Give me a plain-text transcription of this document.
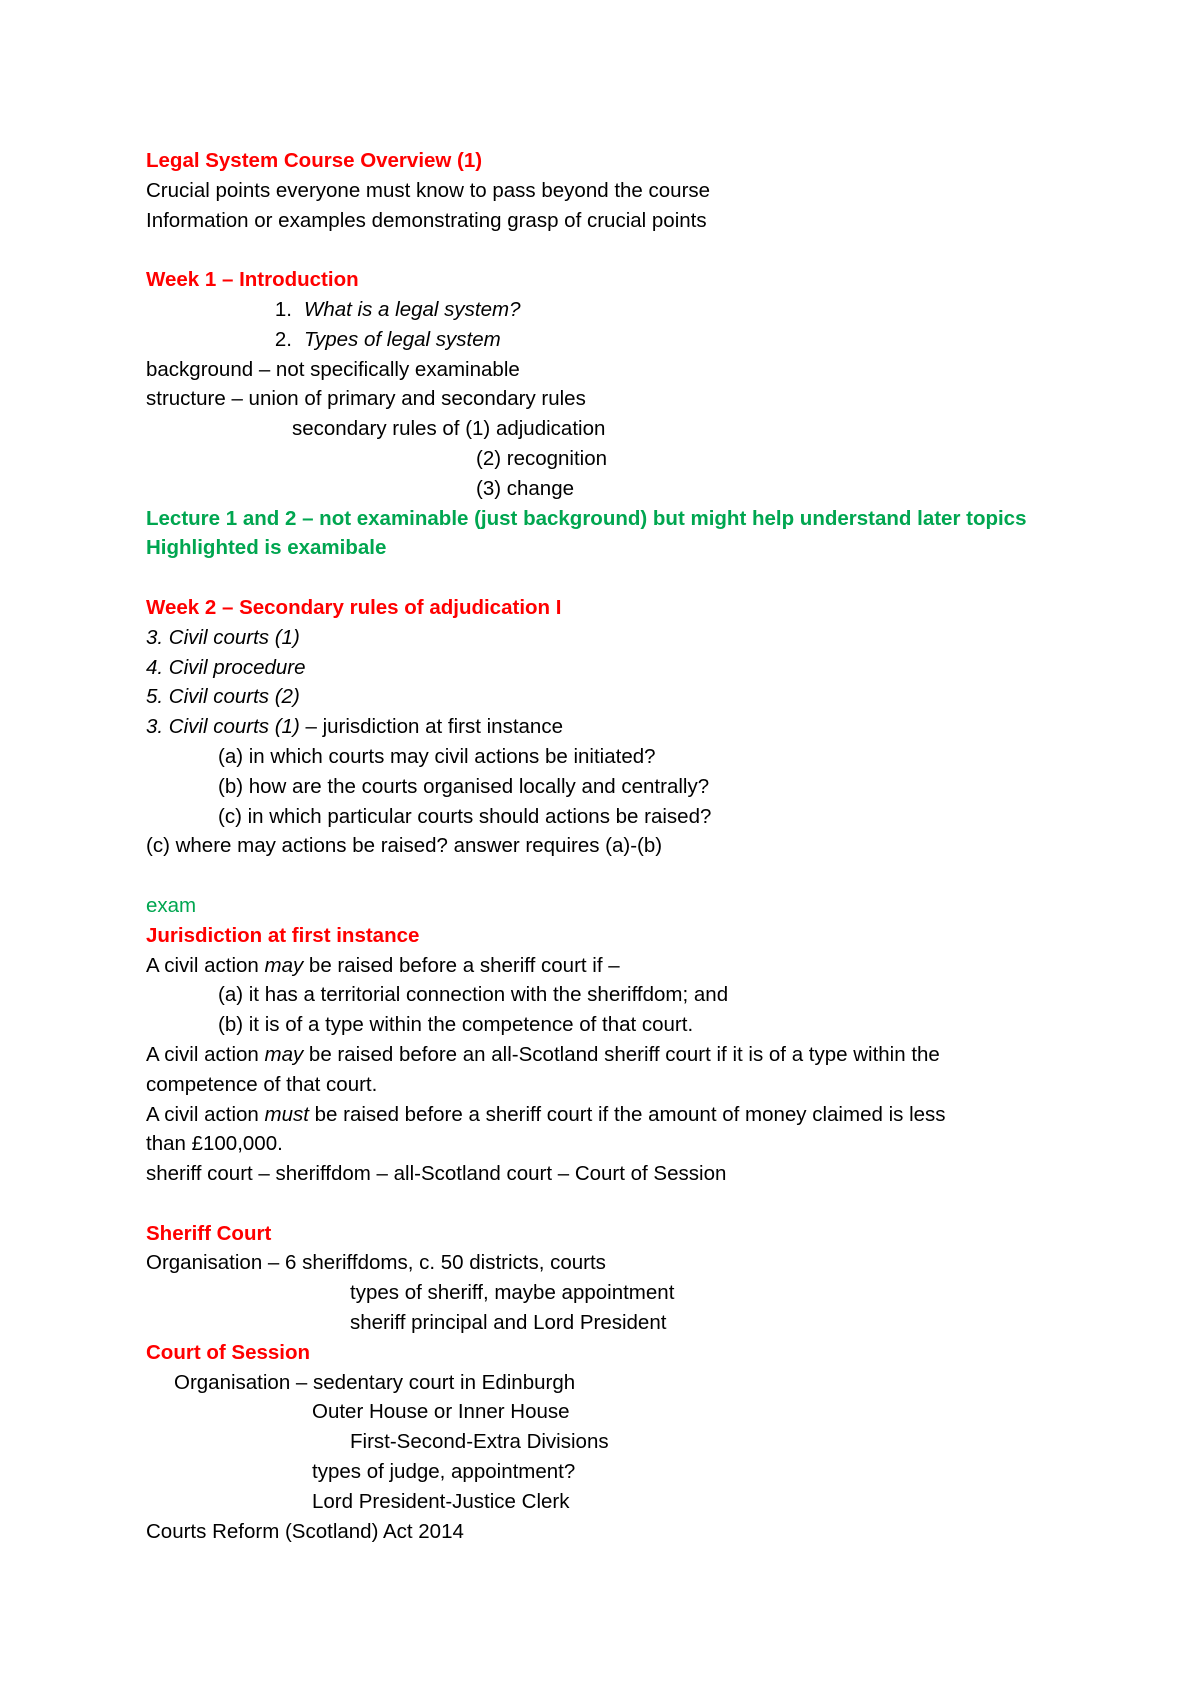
Legal System Course Overview (1)
Crucial points everyone must know to pass beyond the course
Information or examples demonstrating grasp of crucial points
Week 1 – Introduction
1. What is a legal system?
2. Types of legal system
background – not specifically examinable
structure – union of primary and secondary rules
secondary rules of (1) adjudication
(2) recognition
(3) change
Lecture 1 and 2 – not examinable (just background) but might help understand later topics
Highlighted is examibale
Week 2 – Secondary rules of adjudication I
3. Civil courts (1)
4. Civil procedure
5. Civil courts (2)
3. Civil courts (1) – jurisdiction at first instance
(a) in which courts may civil actions be initiated?
(b) how are the courts organised locally and centrally?
(c) in which particular courts should actions be raised?
(c) where may actions be raised? answer requires (a)-(b)
exam
Jurisdiction at first instance
A civil action may be raised before a sheriff court if –
(a) it has a territorial connection with the sheriffdom; and
(b) it is of a type within the competence of that court.
A civil action may be raised before an all-Scotland sheriff court if it is of a type within the
competence of that court.
A civil action must be raised before a sheriff court if the amount of money claimed is less
than £100,000.
sheriff court – sheriffdom – all-Scotland court – Court of Session
Sheriff Court
Organisation – 6 sheriffdoms, c. 50 districts, courts
types of sheriff, maybe appointment
sheriff principal and Lord President
Court of Session
Organisation – sedentary court in Edinburgh
Outer House or Inner House
First-Second-Extra Divisions
types of judge, appointment?
Lord President-Justice Clerk
Courts Reform (Scotland) Act 2014
